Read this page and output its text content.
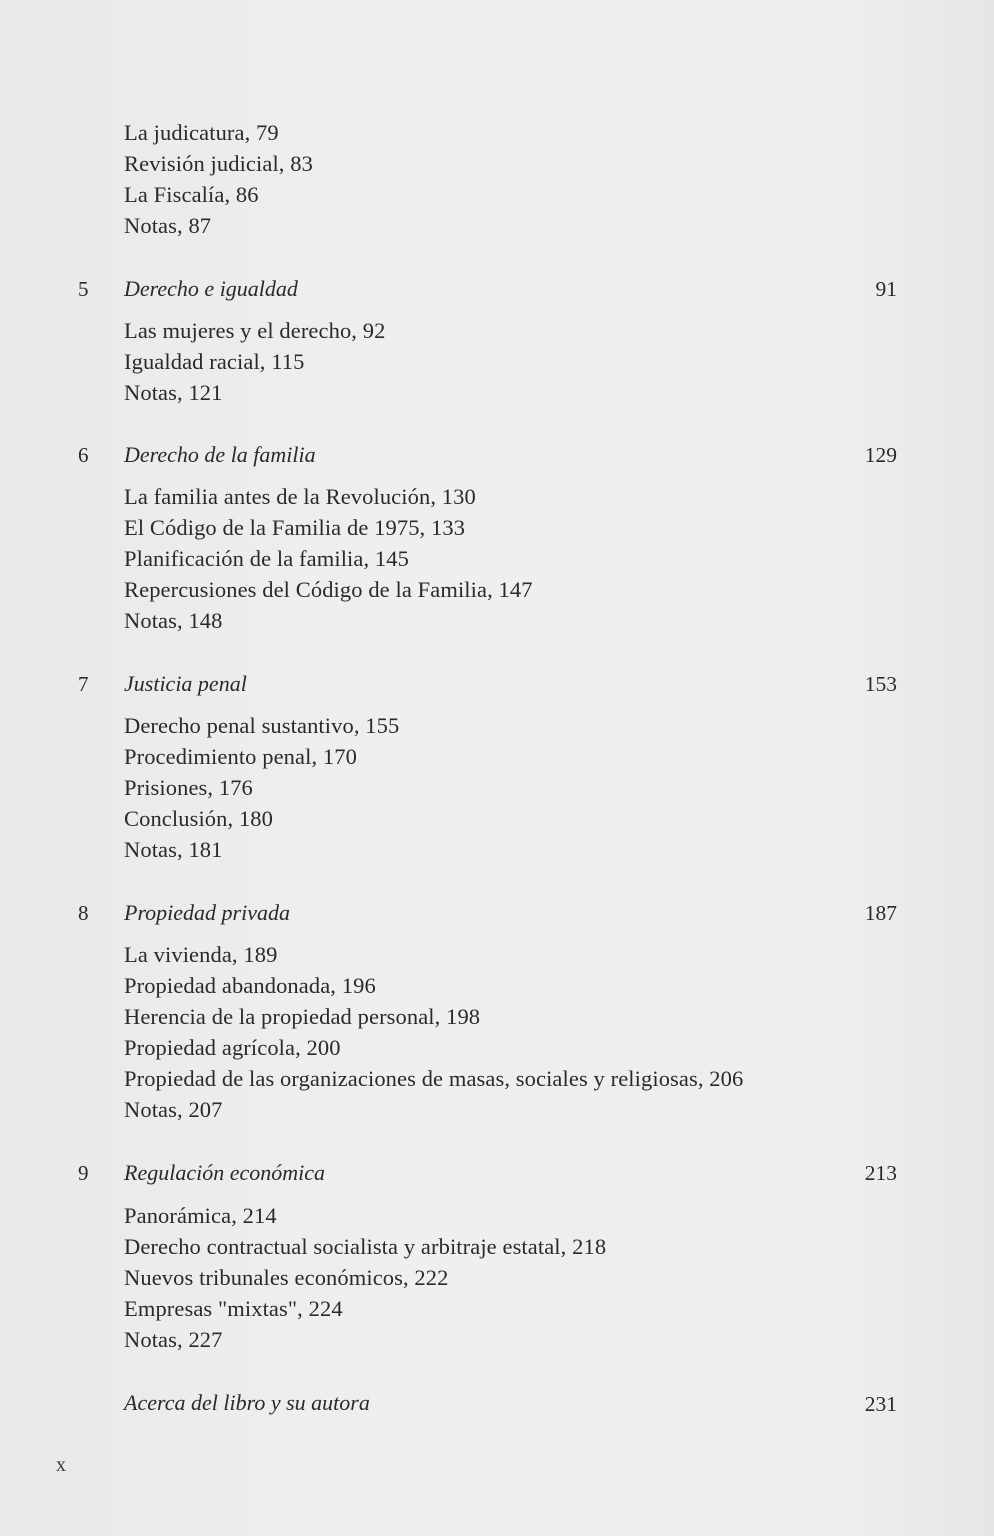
La judicatura, 79
Revisión judicial, 83
La Fiscalía, 86
Notas, 87
5 Derecho e igualdad	91
Las mujeres y el derecho, 92
Igualdad racial, 115
Notas, 121
6 Derecho de la familia	129
La familia antes de la Revolución, 130
El Código de la Familia de 1975, 133
Planificación de la familia, 145
Repercusiones del Código de la Familia, 147
Notas, 148
7 Justicia penal	153
Derecho penal sustantivo, 155
Procedimiento penal, 170
Prisiones, 176
Conclusión, 180
Notas, 181
8 Propiedad privada	187
La vivienda, 189
Propiedad abandonada, 196
Herencia de la propiedad personal, 198
Propiedad agrícola, 200
Propiedad de las organizaciones de masas, sociales y religiosas, 206
Notas, 207
9 Regulación económica	213
Panorámica, 214
Derecho contractual socialista y arbitraje estatal, 218
Nuevos tribunales económicos, 222
Empresas "mixtas", 224
Notas, 227
Acerca del libro y su autora	231
x
